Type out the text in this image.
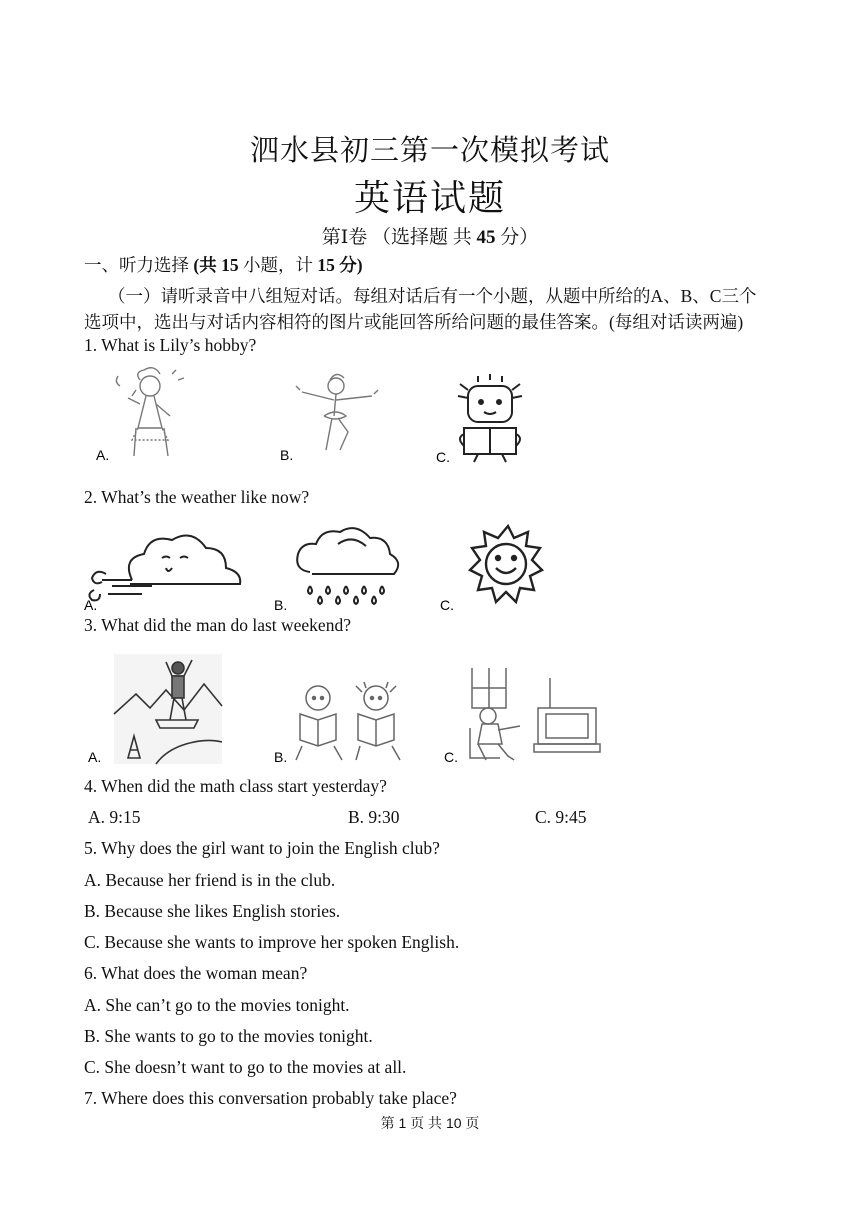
泗水县初三第一次模拟考试
英语试题
第Ⅰ卷 （选择题 共 45 分）
一、听力选择 (共 15 小题，计 15 分)
（一）请听录音中八组短对话。每组对话后有一个小题，从题中所给的A、B、C三个
选项中，选出与对话内容相符的图片或能回答所给问题的最佳答案。(每组对话读两遍)
1. What is Lily’s hobby?
A.	B.	C.
2. What’s the weather like now?
A.	B.	C.
3. What did the man do last weekend?
A.	B.	C.
4. When did the math class start yesterday?
A. 9:15	B. 9:30	C. 9:45
5. Why does the girl want to join the English club?
A. Because her friend is in the club.
B. Because she likes English stories.
C. Because she wants to improve her spoken English.
6. What does the woman mean?
A. She can’t go to the movies tonight.
B. She wants to go to the movies tonight.
C. She doesn’t want to go to the movies at all.
7. Where does this conversation probably take place?
第 1 页 共 10 页
